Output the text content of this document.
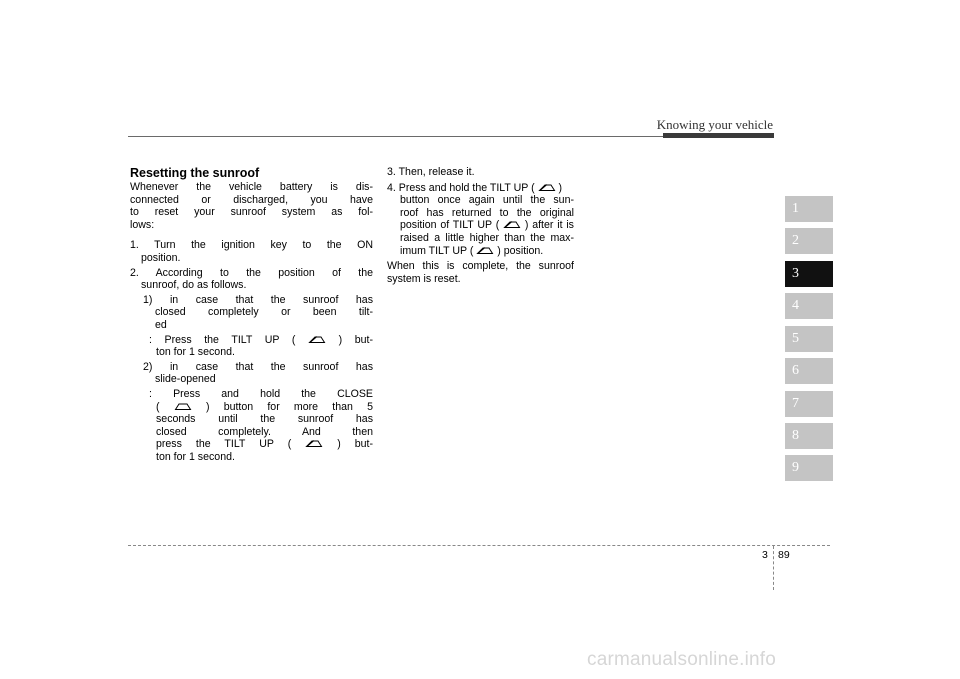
Knowing your vehicle

Resetting the sunroof

Whenever the vehicle battery is dis-

connected or discharged, you have

to reset your sunroof system as fol-

lows:

1. Turn the ignition key to the ON

position.

2. According to the position of the

sunroof, do as follows.

1) in case that the sunroof has

closed completely or been tilt-

ed

: Press the TILT UP (	) but-

ton for 1 second.

2) in case that the sunroof has

slide-opened

: Press and hold the CLOSE

(	) button for more than 5

seconds until the sunroof has

closed completely. And then

press the TILT UP (	) but-

ton for 1 second.

3. Then, release it.

4. Press and hold the TILT UP ( )

button once again until the sun-

roof has returned to the original

position of TILT UP ( ) after it is

raised a little higher than the max-

imum TILT UP ( ) position.

When this is complete, the sunroof

system is reset.

1
2
3
4
5
6
7
8
9
3 89
carmanualsonline.info
